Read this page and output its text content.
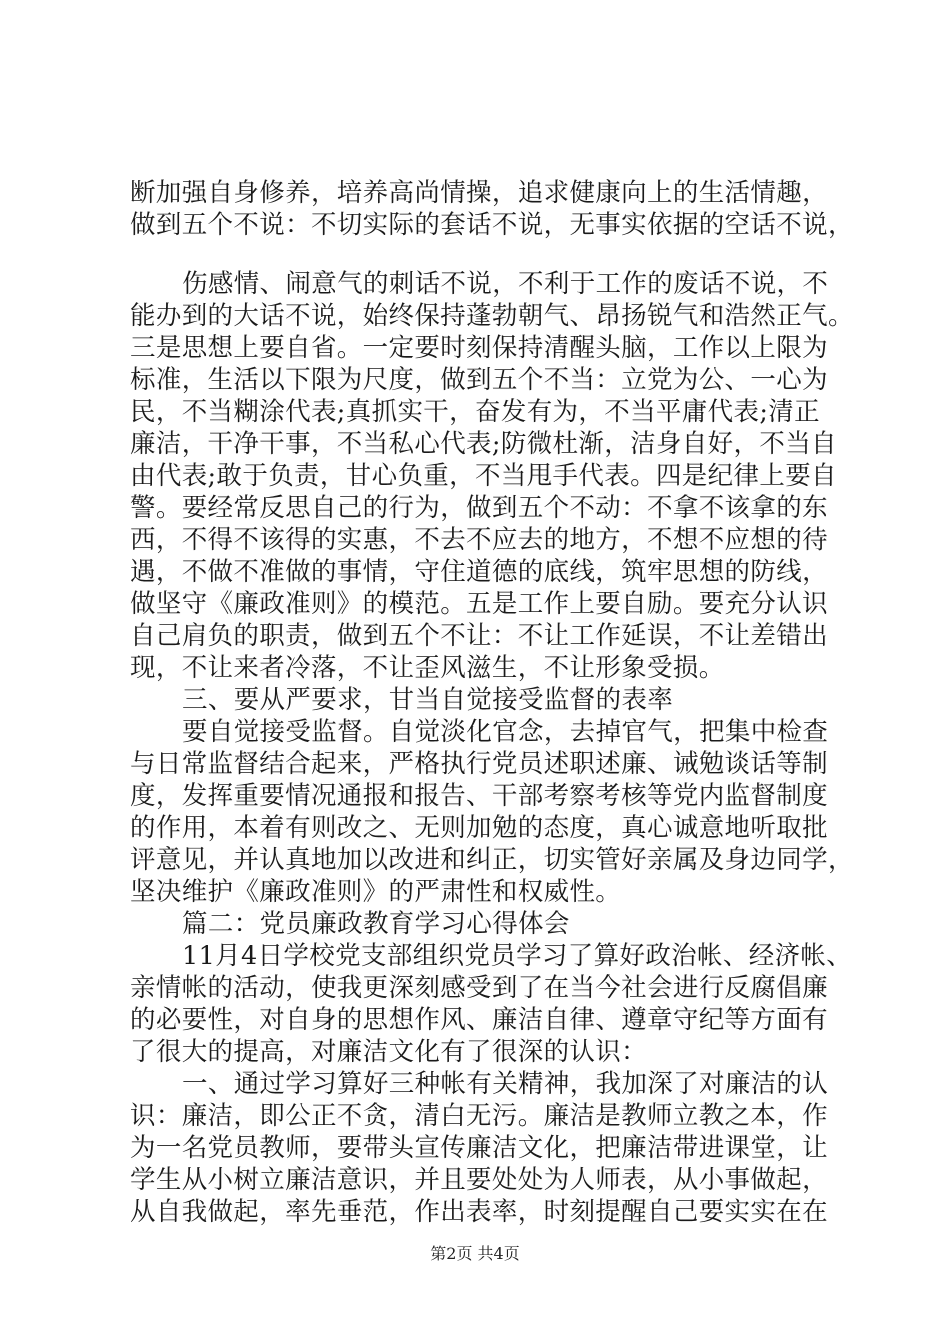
断加强自身修养，培养高尚情操，追求健康向上的生活情趣，
做到五个不说：不切实际的套话不说，无事实依据的空话不说，
伤感情、闹意气的刺话不说，不利于工作的废话不说，不
能办到的大话不说，始终保持蓬勃朝气、昂扬锐气和浩然正气。
三是思想上要自省。一定要时刻保持清醒头脑，工作以上限为
标准，生活以下限为尺度，做到五个不当：立党为公、一心为
民，不当糊涂代表;真抓实干，奋发有为，不当平庸代表;清正
廉洁，干净干事，不当私心代表;防微杜渐，洁身自好，不当自
由代表;敢于负责，甘心负重，不当甩手代表。四是纪律上要自
警。要经常反思自己的行为，做到五个不动：不拿不该拿的东
西，不得不该得的实惠，不去不应去的地方，不想不应想的待
遇，不做不准做的事情，守住道德的底线，筑牢思想的防线，
做坚守《廉政准则》的模范。五是工作上要自励。要充分认识
自己肩负的职责，做到五个不让：不让工作延误，不让差错出
现，不让来者冷落，不让歪风滋生，不让形象受损。
三、要从严要求，甘当自觉接受监督的表率
要自觉接受监督。自觉淡化官念，去掉官气，把集中检查
与日常监督结合起来，严格执行党员述职述廉、诫勉谈话等制
度，发挥重要情况通报和报告、干部考察考核等党内监督制度
的作用，本着有则改之、无则加勉的态度，真心诚意地听取批
评意见，并认真地加以改进和纠正，切实管好亲属及身边同学，
坚决维护《廉政准则》的严肃性和权威性。
篇二：党员廉政教育学习心得体会
11月4日学校党支部组织党员学习了算好政治帐、经济帐、
亲情帐的活动，使我更深刻感受到了在当今社会进行反腐倡廉
的必要性，对自身的思想作风、廉洁自律、遵章守纪等方面有
了很大的提高，对廉洁文化有了很深的认识：
一、通过学习算好三种帐有关精神，我加深了对廉洁的认
识：廉洁，即公正不贪，清白无污。廉洁是教师立教之本，作
为一名党员教师，要带头宣传廉洁文化，把廉洁带进课堂，让
学生从小树立廉洁意识，并且要处处为人师表，从小事做起，
从自我做起，率先垂范，作出表率，时刻提醒自己要实实在在
第2页 共4页
